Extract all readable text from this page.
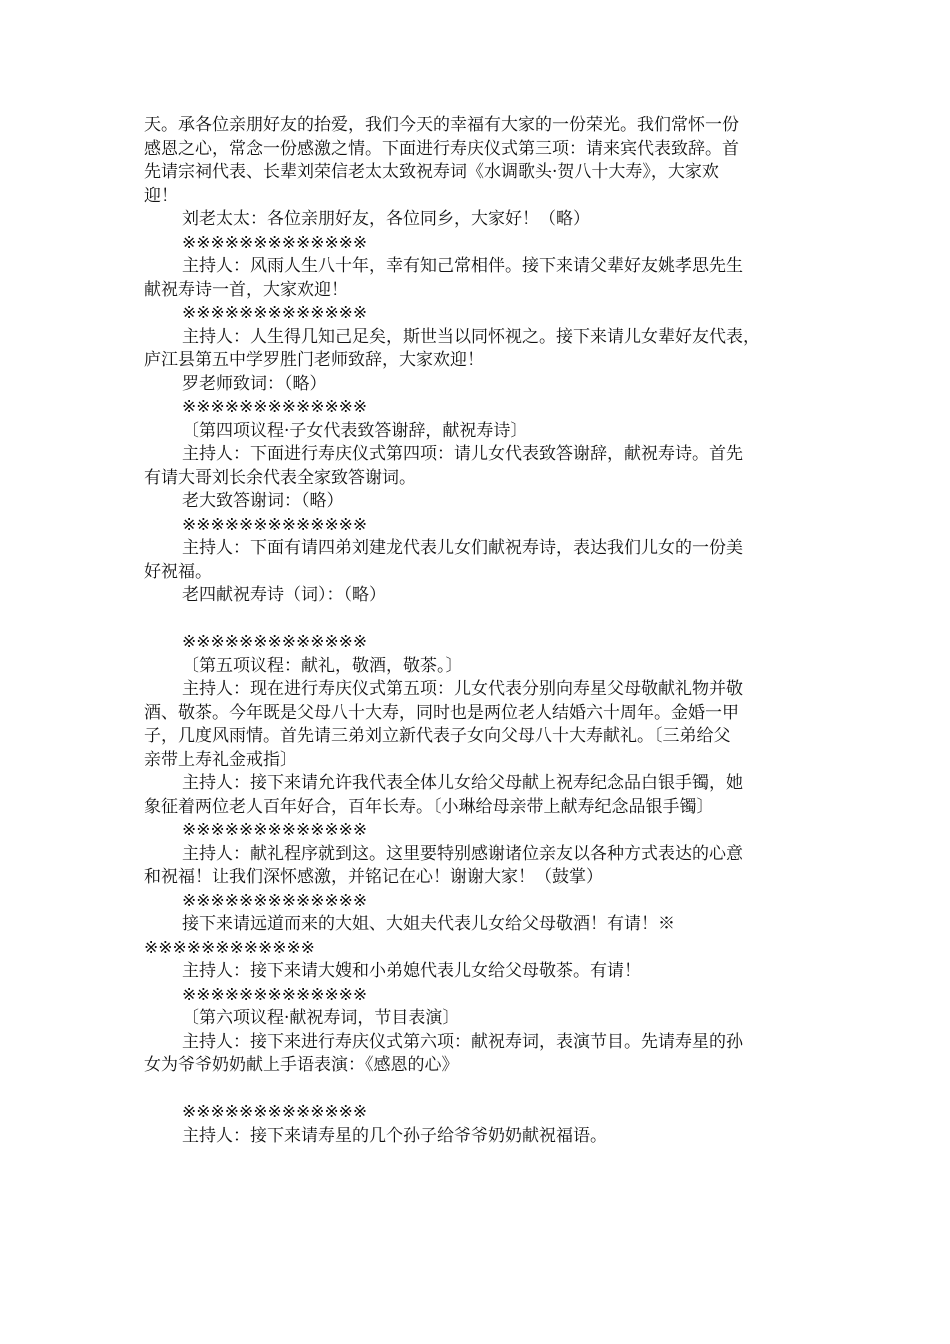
天。承各位亲朋好友的抬爱，我们今天的幸福有大家的一份荣光。我们常怀一份
感恩之心，常念一份感激之情。下面进行寿庆仪式第三项：请来宾代表致辞。首
先请宗祠代表、长辈刘荣信老太太致祝寿词《水调歌头·贺八十大寿》，大家欢
迎！
刘老太太：各位亲朋好友，各位同乡，大家好！（略）
※※※※※※※※※※※※※
主持人：风雨人生八十年，幸有知己常相伴。接下来请父辈好友姚孝思先生
献祝寿诗一首，大家欢迎！
※※※※※※※※※※※※※
主持人：人生得几知己足矣，斯世当以同怀视之。接下来请儿女辈好友代表，
庐江县第五中学罗胜门老师致辞，大家欢迎！
罗老师致词：（略）
※※※※※※※※※※※※※
〔第四项议程·子女代表致答谢辞，献祝寿诗〕
主持人：下面进行寿庆仪式第四项：请儿女代表致答谢辞，献祝寿诗。首先
有请大哥刘长余代表全家致答谢词。
老大致答谢词：（略）
※※※※※※※※※※※※※
主持人：下面有请四弟刘建龙代表儿女们献祝寿诗，表达我们儿女的一份美
好祝福。
老四献祝寿诗（词）：（略）
※※※※※※※※※※※※※
〔第五项议程：献礼，敬酒，敬茶。〕
主持人：现在进行寿庆仪式第五项：儿女代表分别向寿星父母敬献礼物并敬
酒、敬茶。今年既是父母八十大寿，同时也是两位老人结婚六十周年。金婚一甲
子，几度风雨情。首先请三弟刘立新代表子女向父母八十大寿献礼。〔三弟给父
亲带上寿礼金戒指〕
主持人：接下来请允许我代表全体儿女给父母献上祝寿纪念品白银手镯，她
象征着两位老人百年好合，百年长寿。〔小琳给母亲带上献寿纪念品银手镯〕
※※※※※※※※※※※※※
主持人：献礼程序就到这。这里要特别感谢诸位亲友以各种方式表达的心意
和祝福！让我们深怀感激，并铭记在心！谢谢大家！（鼓掌）
※※※※※※※※※※※※※
接下来请远道而来的大姐、大姐夫代表儿女给父母敬酒！有请！※
※※※※※※※※※※※※
主持人：接下来请大嫂和小弟媳代表儿女给父母敬茶。有请！
※※※※※※※※※※※※※
〔第六项议程·献祝寿词，节目表演〕
主持人：接下来进行寿庆仪式第六项：献祝寿词，表演节目。先请寿星的孙
女为爷爷奶奶献上手语表演：《感恩的心》
※※※※※※※※※※※※※
主持人：接下来请寿星的几个孙子给爷爷奶奶献祝福语。
